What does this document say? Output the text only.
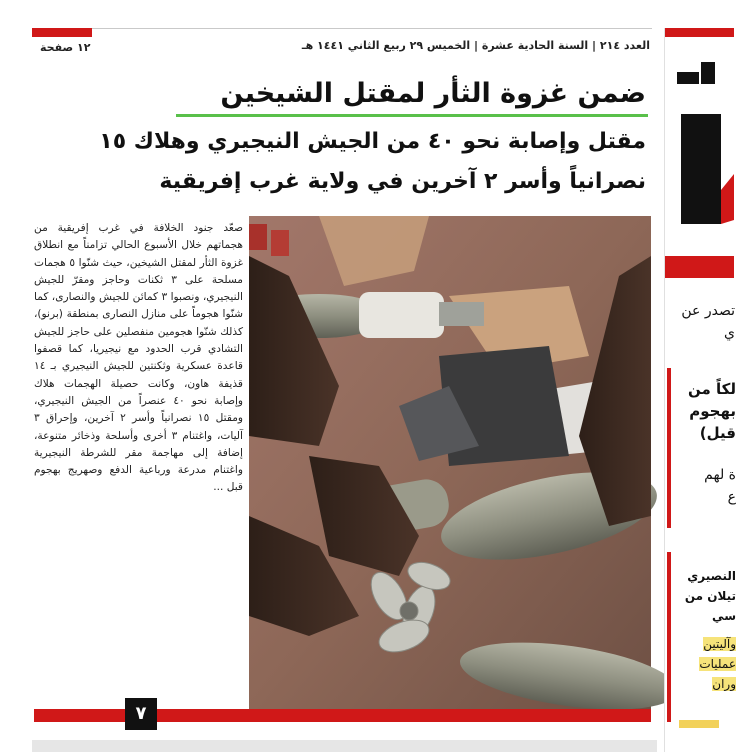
١٢ صفحة	العدد ٢١٤ | السنة الحادية عشرة | الخميس ٢٩ ربيع الثاني ١٤٤١ هـ
ضمن غزوة الثأر لمقتل الشيخين
مقتل وإصابة نحو ٤٠ من الجيش النيجيري وهلاك ١٥ نصرانياً وأسر ٢ آخرين في ولاية غرب إفريقية
صعّد جنود الخلافة في غرب إفريقية من هجماتهم خلال الأسبوع الحالي تزامناً مع انطلاق غزوة الثأر لمقتل الشيخين، حيث شنّوا ٥ هجمات مسلحة على ٣ ثكنات وحاجز ومقرّ للجيش النيجيري، ونصبوا ٣ كمائن للجيش والنصارى، كما شنّوا هجوماً على منازل النصارى بمنطقة (برنو)، كذلك شنّوا هجومين منفصلين على حاجز للجيش التشادي قرب الحدود مع نيجيريا، كما قصفوا قاعدة عسكرية وثكنتين للجيش النيجيري بـ ١٤ قذيفة هاون، وكانت حصيلة الهجمات هلاك وإصابة نحو ٤٠ عنصراً من الجيش النيجيري، ومقتل ١٥ نصرانياً وأسر ٢ آخرين، وإحراق ٣ آليات، واغتنام ٣ أخرى وأسلحة وذخائر متنوعة، إضافة إلى مهاجمة مقر للشرطة النيجيرية واغتنام مدرعة ورباعية الدفع وصهريج بهجوم قبل ...
٧
تصدر عن
ي
لكاً من
بهجوم
قيل)
ة لهم
ع
النصيري
تيلان من
سي
وآليتين
عمليات
وران
